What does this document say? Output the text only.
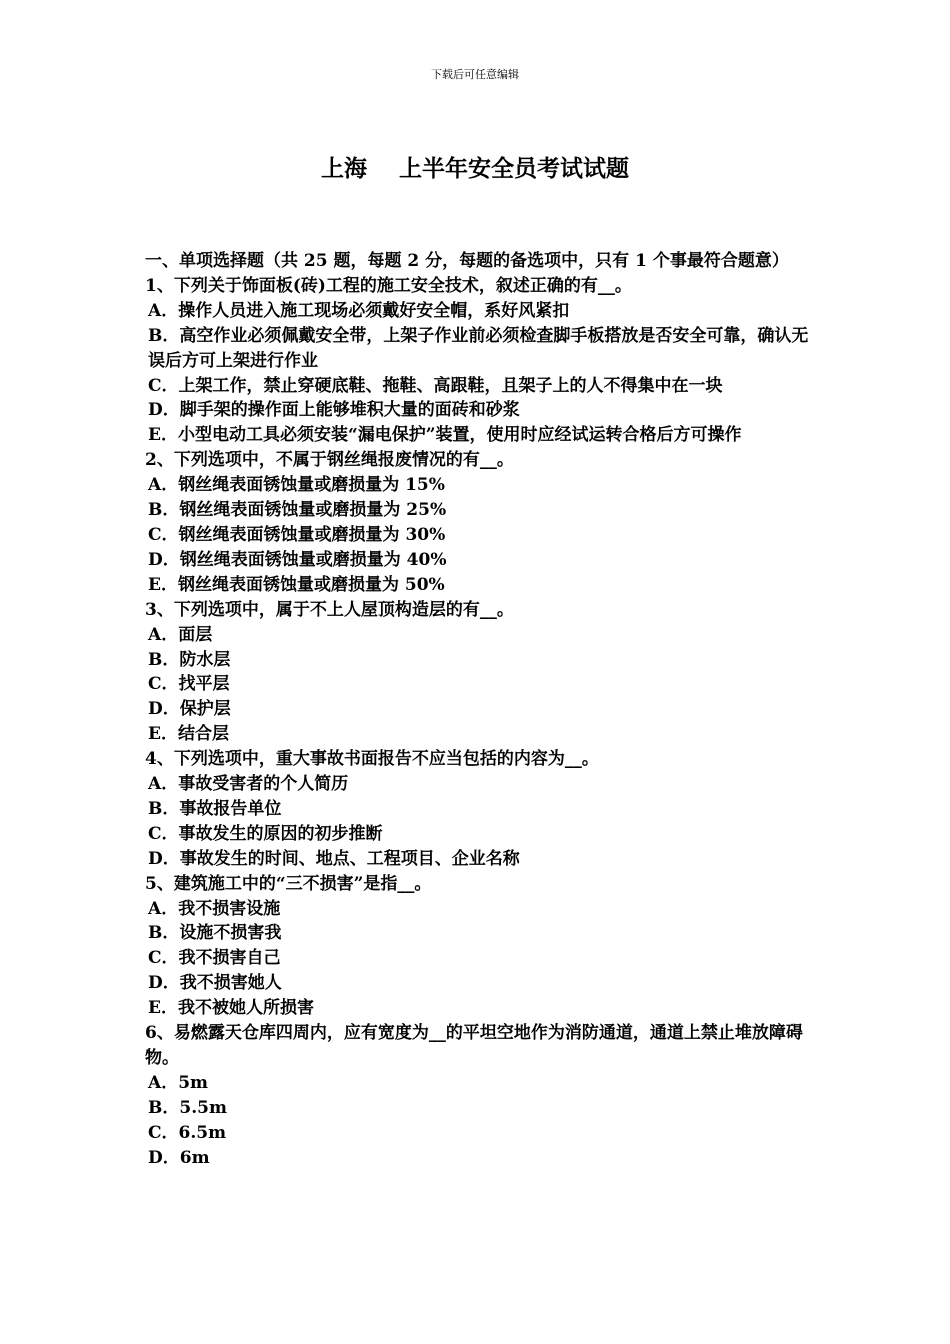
下载后可任意编辑
上海    上半年安全员考试试题

一、单项选择题（共 25 题，每题 2 分，每题的备选项中，只有 1 个事最符合题意）

1、下列关于饰面板(砖)工程的施工安全技术，叙述正确的有__。

A．操作人员进入施工现场必须戴好安全帽，系好风紧扣

B．高空作业必须佩戴安全带，上架子作业前必须检查脚手板搭放是否安全可靠，确认无误后方可上架进行作业

C．上架工作，禁止穿硬底鞋、拖鞋、高跟鞋，且架子上的人不得集中在一块

D．脚手架的操作面上能够堆积大量的面砖和砂浆

E．小型电动工具必须安装“漏电保护”装置，使用时应经试运转合格后方可操作

2、下列选项中，不属于钢丝绳报废情况的有__。

A．钢丝绳表面锈蚀量或磨损量为 15%

B．钢丝绳表面锈蚀量或磨损量为 25%

C．钢丝绳表面锈蚀量或磨损量为 30%

D．钢丝绳表面锈蚀量或磨损量为 40%

E．钢丝绳表面锈蚀量或磨损量为 50%

3、下列选项中，属于不上人屋顶构造层的有__。

A．面层

B．防水层

C．找平层

D．保护层

E．结合层

4、下列选项中，重大事故书面报告不应当包括的内容为__。

A．事故受害者的个人简历

B．事故报告单位

C．事故发生的原因的初步推断

D．事故发生的时间、地点、工程项目、企业名称

5、建筑施工中的“三不损害”是指__。

A．我不损害设施

B．设施不损害我

C．我不损害自己

D．我不损害她人

E．我不被她人所损害

6、易燃露天仓库四周内，应有宽度为__的平坦空地作为消防通道，通道上禁止堆放障碍物。

A．5m

B．5.5m

C．6.5m

D．6m
